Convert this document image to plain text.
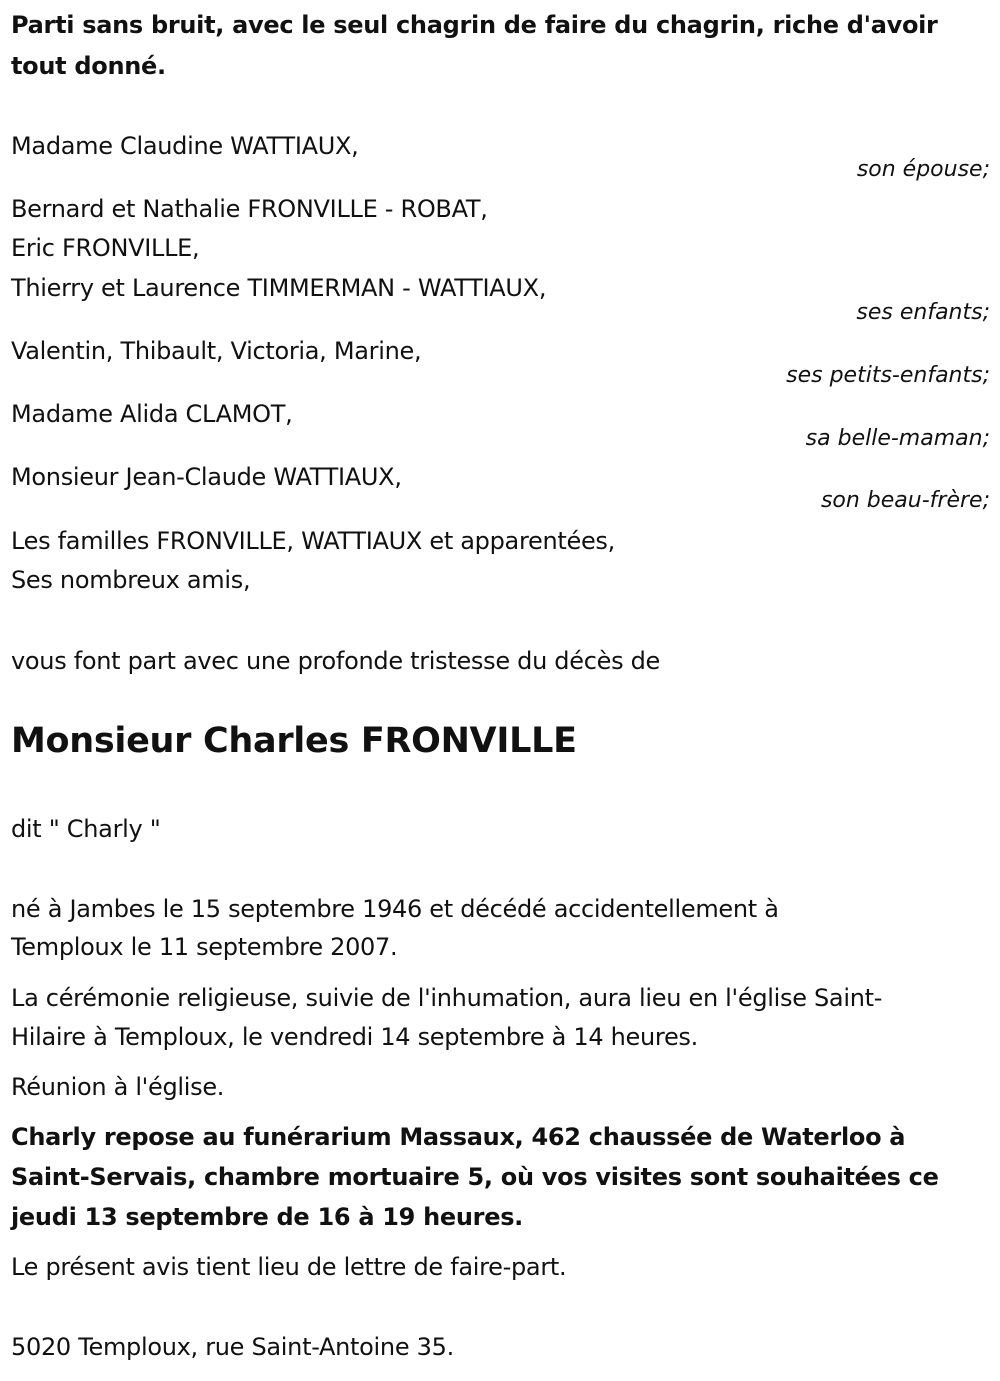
Parti sans bruit, avec le seul chagrin de faire du chagrin, riche d'avoir
tout donné.
Madame Claudine WATTIAUX,
son épouse;
Bernard et Nathalie FRONVILLE - ROBAT,
Eric FRONVILLE,
Thierry et Laurence TIMMERMAN - WATTIAUX,
ses enfants;
Valentin, Thibault, Victoria, Marine,
ses petits-enfants;
Madame Alida CLAMOT,
sa belle-maman;
Monsieur Jean-Claude WATTIAUX,
son beau-frère;
Les familles FRONVILLE, WATTIAUX et apparentées,
Ses nombreux amis,
vous font part avec une profonde tristesse du décès de
Monsieur Charles FRONVILLE
dit " Charly "
né à Jambes le 15 septembre 1946 et décédé accidentellement à
Temploux le 11 septembre 2007.
La cérémonie religieuse, suivie de l'inhumation, aura lieu en l'église Saint-
Hilaire à Temploux, le vendredi 14 septembre à 14 heures.
Réunion à l'église.
Charly repose au funérarium Massaux, 462 chaussée de Waterloo à
Saint-Servais, chambre mortuaire 5, où vos visites sont souhaitées ce
jeudi 13 septembre de 16 à 19 heures.
Le présent avis tient lieu de lettre de faire-part.
5020 Temploux, rue Saint-Antoine 35.
